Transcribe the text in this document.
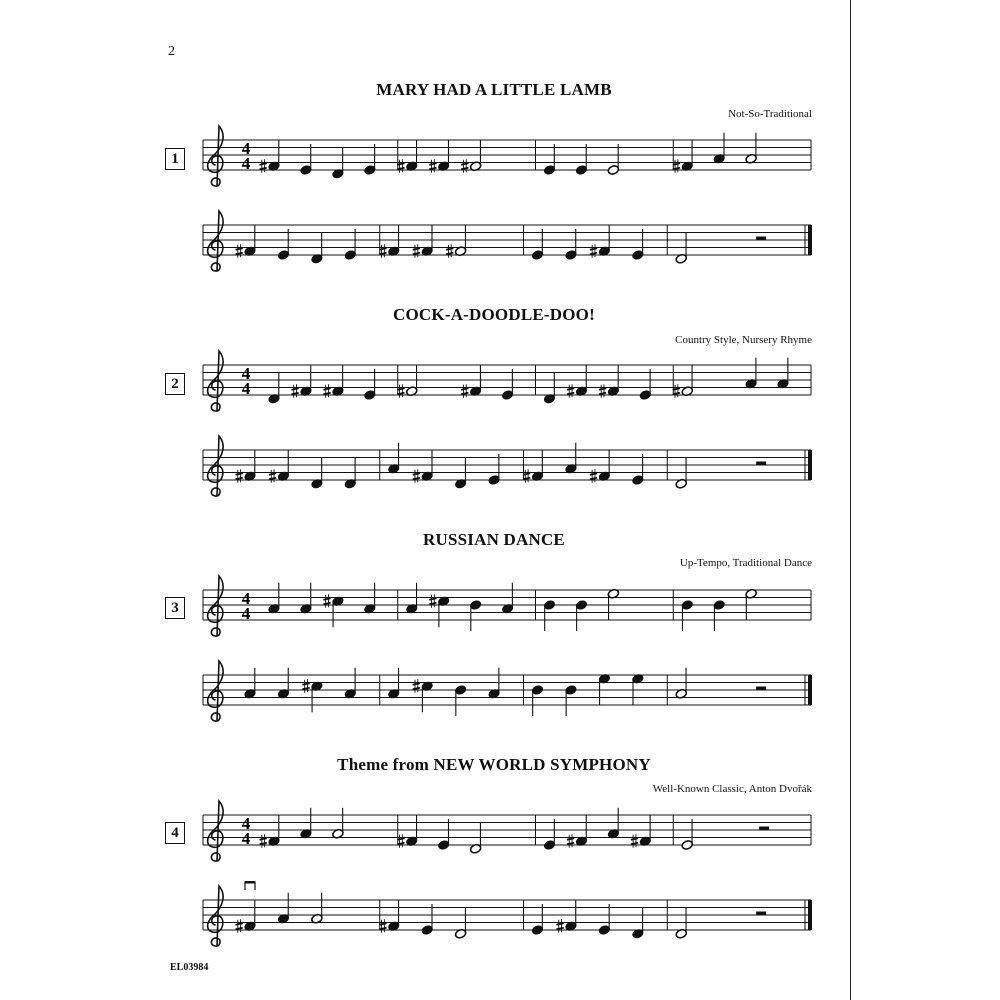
2
MARY HAD A LITTLE LAMB
Not-So-Traditional
1
COCK-A-DOODLE-DOO!
Country Style, Nursery Rhyme
2
RUSSIAN DANCE
Up-Tempo, Traditional Dance
3
Theme from NEW WORLD SYMPHONY
Well-Known Classic, Anton Dvořák
4
EL03984
4
4
4
4
4
4
4
4
